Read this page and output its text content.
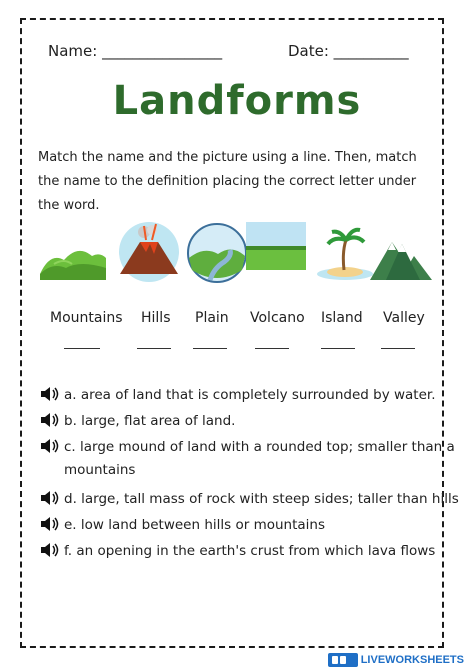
Name: ________________	Date: __________
Landforms
Match the name and the picture using a line. Then, match the name to the definition placing the correct letter under the word.
Mountains Hills Plain Volcano Island Valley
a. area of land that is completely surrounded by water.
b. large, flat area of land.
c. large mound of land with a rounded top; smaller than a
mountains
d. large, tall mass of rock with steep sides; taller than hills
e. low land between hills or mountains
f. an opening in the earth's crust from which lava flows
LIVEWORKSHEETS
